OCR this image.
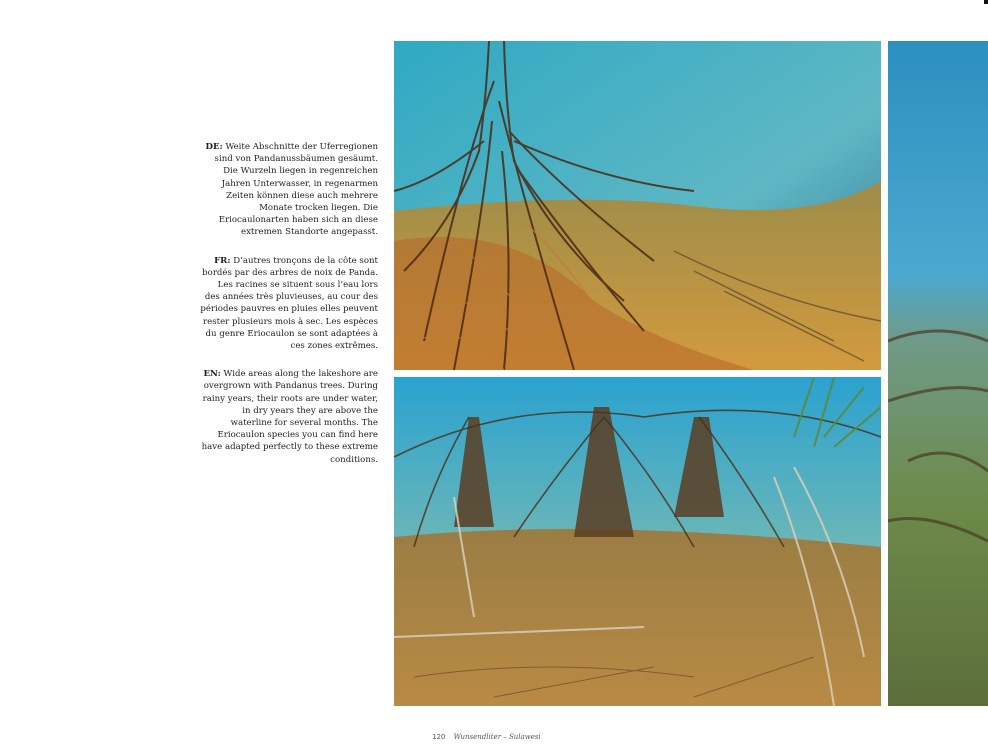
DE: Weite Abschnitte der Uferregionen sind von Pandanussbäumen gesäumt. Die Wurzeln liegen in regenreichen Jahren Unterwasser, in regenarmen Zeiten können diese auch mehrere Monate trocken liegen. Die Eriocaulonarten haben sich an diese extremen Standorte angepasst.

FR: D’autres tronçons de la côte sont bordés par des arbres de noix de Panda. Les racines se situent sous l’eau lors des années très pluvieuses, au cour des périodes pauvres en pluies elles peuvent rester plusieurs mois à sec. Les espèces du genre Eriocaulon se sont adaptées à ces zones extrêmes.

EN: Wide areas along the lakeshore are overgrown with Pandanus trees. During rainy years, their roots are under water, in dry years they are above the waterline for several months. The Eriocaulon species you can find here have adapted perfectly to these extreme conditions.

120 Wunsendliter – Sulawesi
